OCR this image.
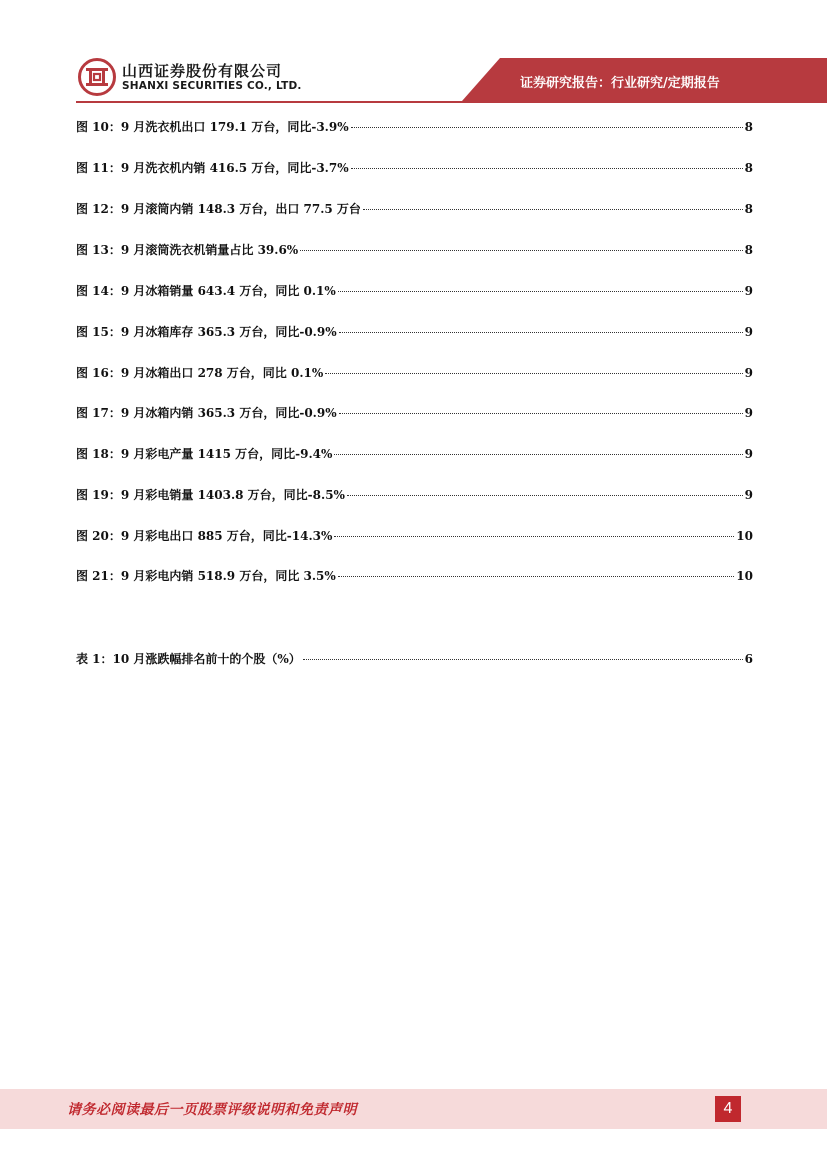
山西证券股份有限公司
SHANXI SECURITIES CO., LTD.	证券研究报告：行业研究/定期报告
图 10：9 月洗衣机出口 179.1 万台，同比-3.9%	8
图 11：9 月洗衣机内销 416.5 万台，同比-3.7%	8
图 12：9 月滚筒内销 148.3 万台，出口 77.5 万台	8
图 13：9 月滚筒洗衣机销量占比 39.6%	8
图 14：9 月冰箱销量 643.4 万台，同比 0.1%	9
图 15：9 月冰箱库存 365.3 万台，同比-0.9%	9
图 16：9 月冰箱出口 278 万台，同比 0.1%	9
图 17：9 月冰箱内销 365.3 万台，同比-0.9%	9
图 18：9 月彩电产量 1415 万台，同比-9.4%	9
图 19：9 月彩电销量 1403.8 万台，同比-8.5%	9
图 20：9 月彩电出口 885 万台，同比-14.3%	10
图 21：9 月彩电内销 518.9 万台，同比 3.5%	10
表 1：10 月涨跌幅排名前十的个股（%）	6
请务必阅读最后一页股票评级说明和免责声明	4
